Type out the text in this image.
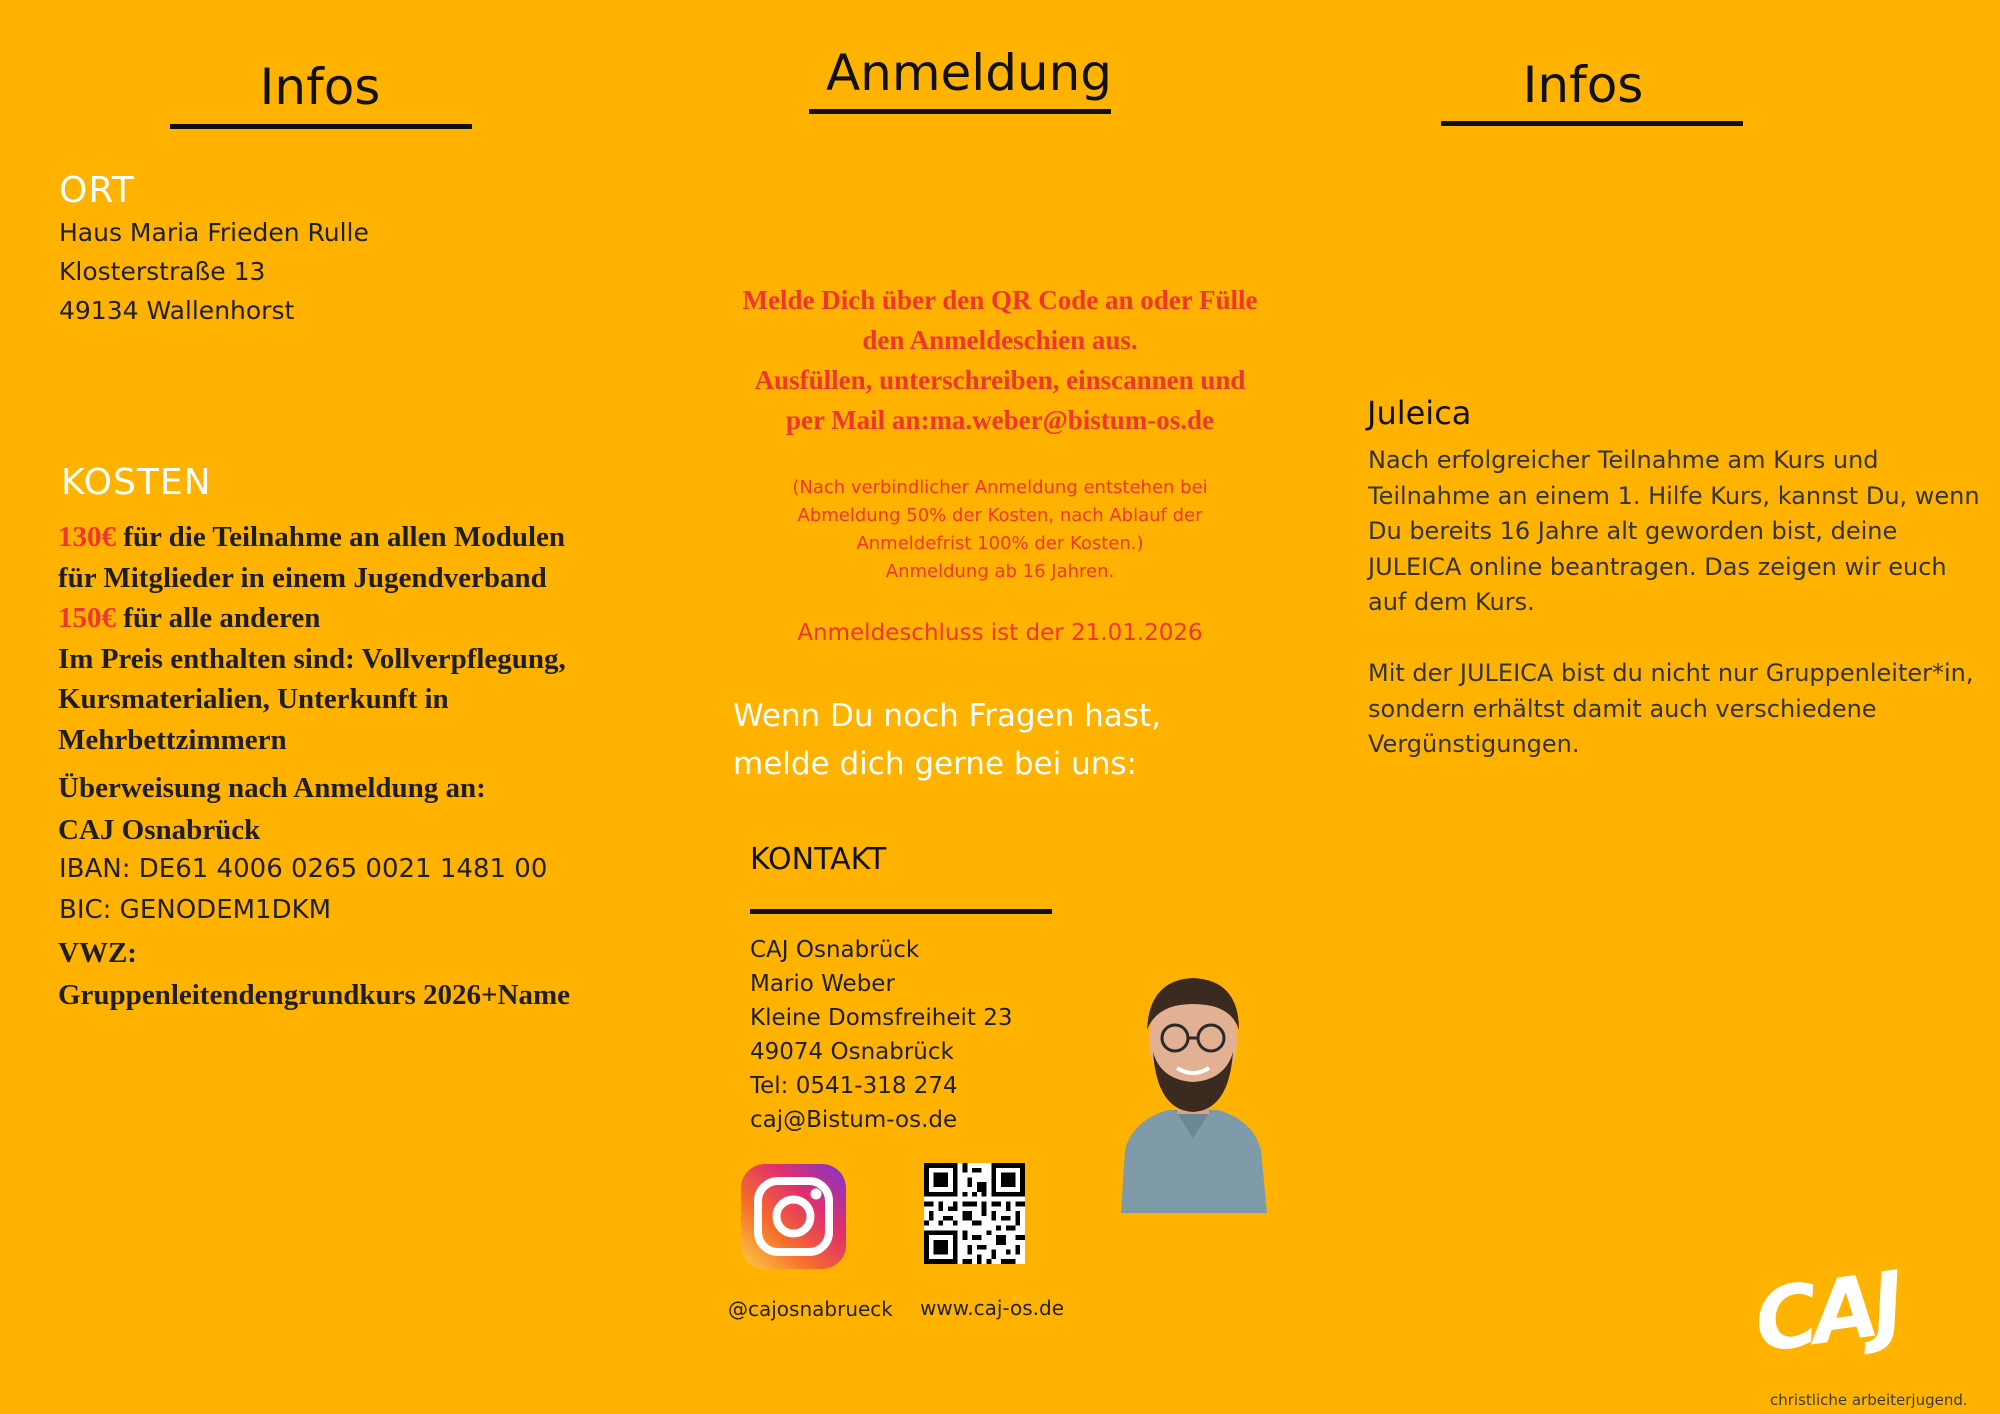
Infos
ORT
Haus Maria Frieden Rulle
Klosterstraße 13
49134 Wallenhorst
KOSTEN
130€ für die Teilnahme an allen Modulen
für Mitglieder in einem Jugendverband
150€ für alle anderen
Im Preis enthalten sind: Vollverpflegung,
Kursmaterialien, Unterkunft in
Mehrbettzimmern
Überweisung nach Anmeldung an:
CAJ Osnabrück
IBAN: DE61 4006 0265 0021 1481 00
BIC: GENODEM1DKM
VWZ:
Gruppenleitendengrundkurs 2026+Name
Anmeldung
Melde Dich über den QR Code an oder Fülle
den Anmeldeschien aus.
Ausfüllen, unterschreiben, einscannen und
per Mail an:ma.weber@bistum-os.de
(Nach verbindlicher Anmeldung entstehen bei
Abmeldung 50% der Kosten, nach Ablauf der
Anmeldefrist 100% der Kosten.)
Anmeldung ab 16 Jahren.
Anmeldeschluss ist der 21.01.2026
Wenn Du noch Fragen hast,
melde dich gerne bei uns:
KONTAKT
CAJ Osnabrück
Mario Weber
Kleine Domsfreiheit 23
49074 Osnabrück
Tel: 0541-318 274
caj@Bistum-os.de
@cajosnabrueck www.caj-os.de
Infos
Juleica
Nach erfolgreicher Teilnahme am Kurs und
Teilnahme an einem 1. Hilfe Kurs, kannst Du, wenn
Du bereits 16 Jahre alt geworden bist, deine
JULEICA online beantragen. Das zeigen wir euch
auf dem Kurs.
Mit der JULEICA bist du nicht nur Gruppenleiter*in,
sondern erhältst damit auch verschiedene
Vergünstigungen.
CAJ
christliche arbeiterjugend.
